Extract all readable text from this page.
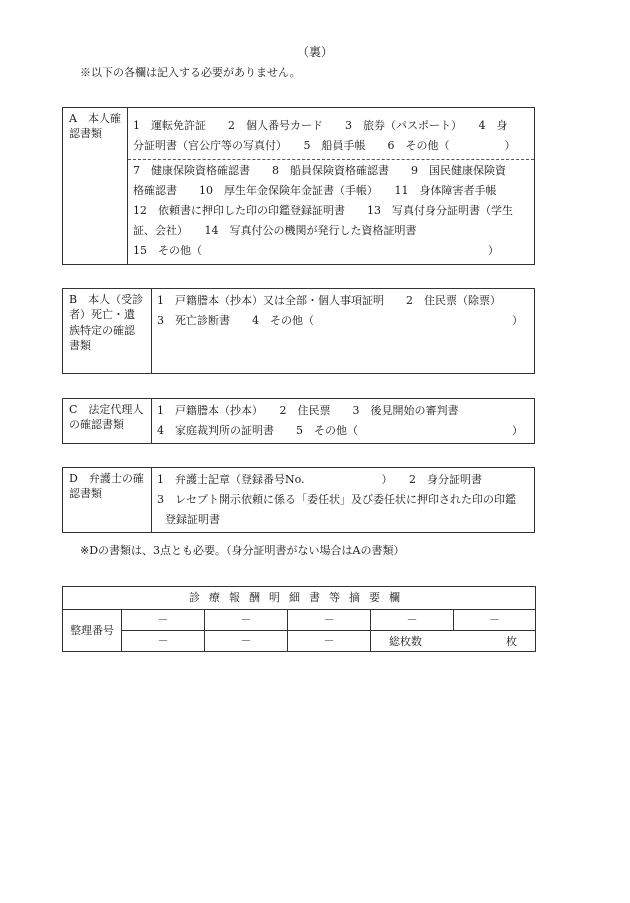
（裏）
※以下の各欄は記入する必要がありません。
A　本人確認書類
1　運転免許証　　2　個人番号カード　　3　旅券（パスポート）　　4　身
分証明書（官公庁等の写真付）　　5　船員手帳　　6　その他（　　　　　）
7　健康保険資格確認書　　8　船員保険資格確認書　　9　国民健康保険資
格確認書　　10　厚生年金保険年金証書（手帳）　　11　身体障害者手帳
12　依頼書に押印した印の印鑑登録証明書　　13　写真付身分証明書（学生
証、会社）　　14　写真付公の機関が発行した資格証明書
15　その他（　　　　　　　　　　　　　　　　　　　　　　　　　　）
B　本人（受診者）死亡・遺族特定の確認書類
1　戸籍謄本（抄本）又は全部・個人事項証明　　2　住民票（除票）
3　死亡診断書　　4　その他（　　　　　　　　　　　　　　　　　　）
C　法定代理人の確認書類
1　戸籍謄本（抄本）　　2　住民票　　3　後見開始の審判書
4　家庭裁判所の証明書　　5　その他（　　　　　　　　　　　　　　）
D　弁護士の確認書類
1　弁護士記章（登録番号No.　　　　　　　）　　2　身分証明書
3　レセプト開示依頼に係る「委任状」及び委任状に押印された印の印鑑
登録証明書
※Dの書類は、3点とも必要。（身分証明書がない場合はAの書類）
診療報酬明細書等摘要欄					
整理番号	－	－	－	－	－
	－	－	－	総枚数 枚	
